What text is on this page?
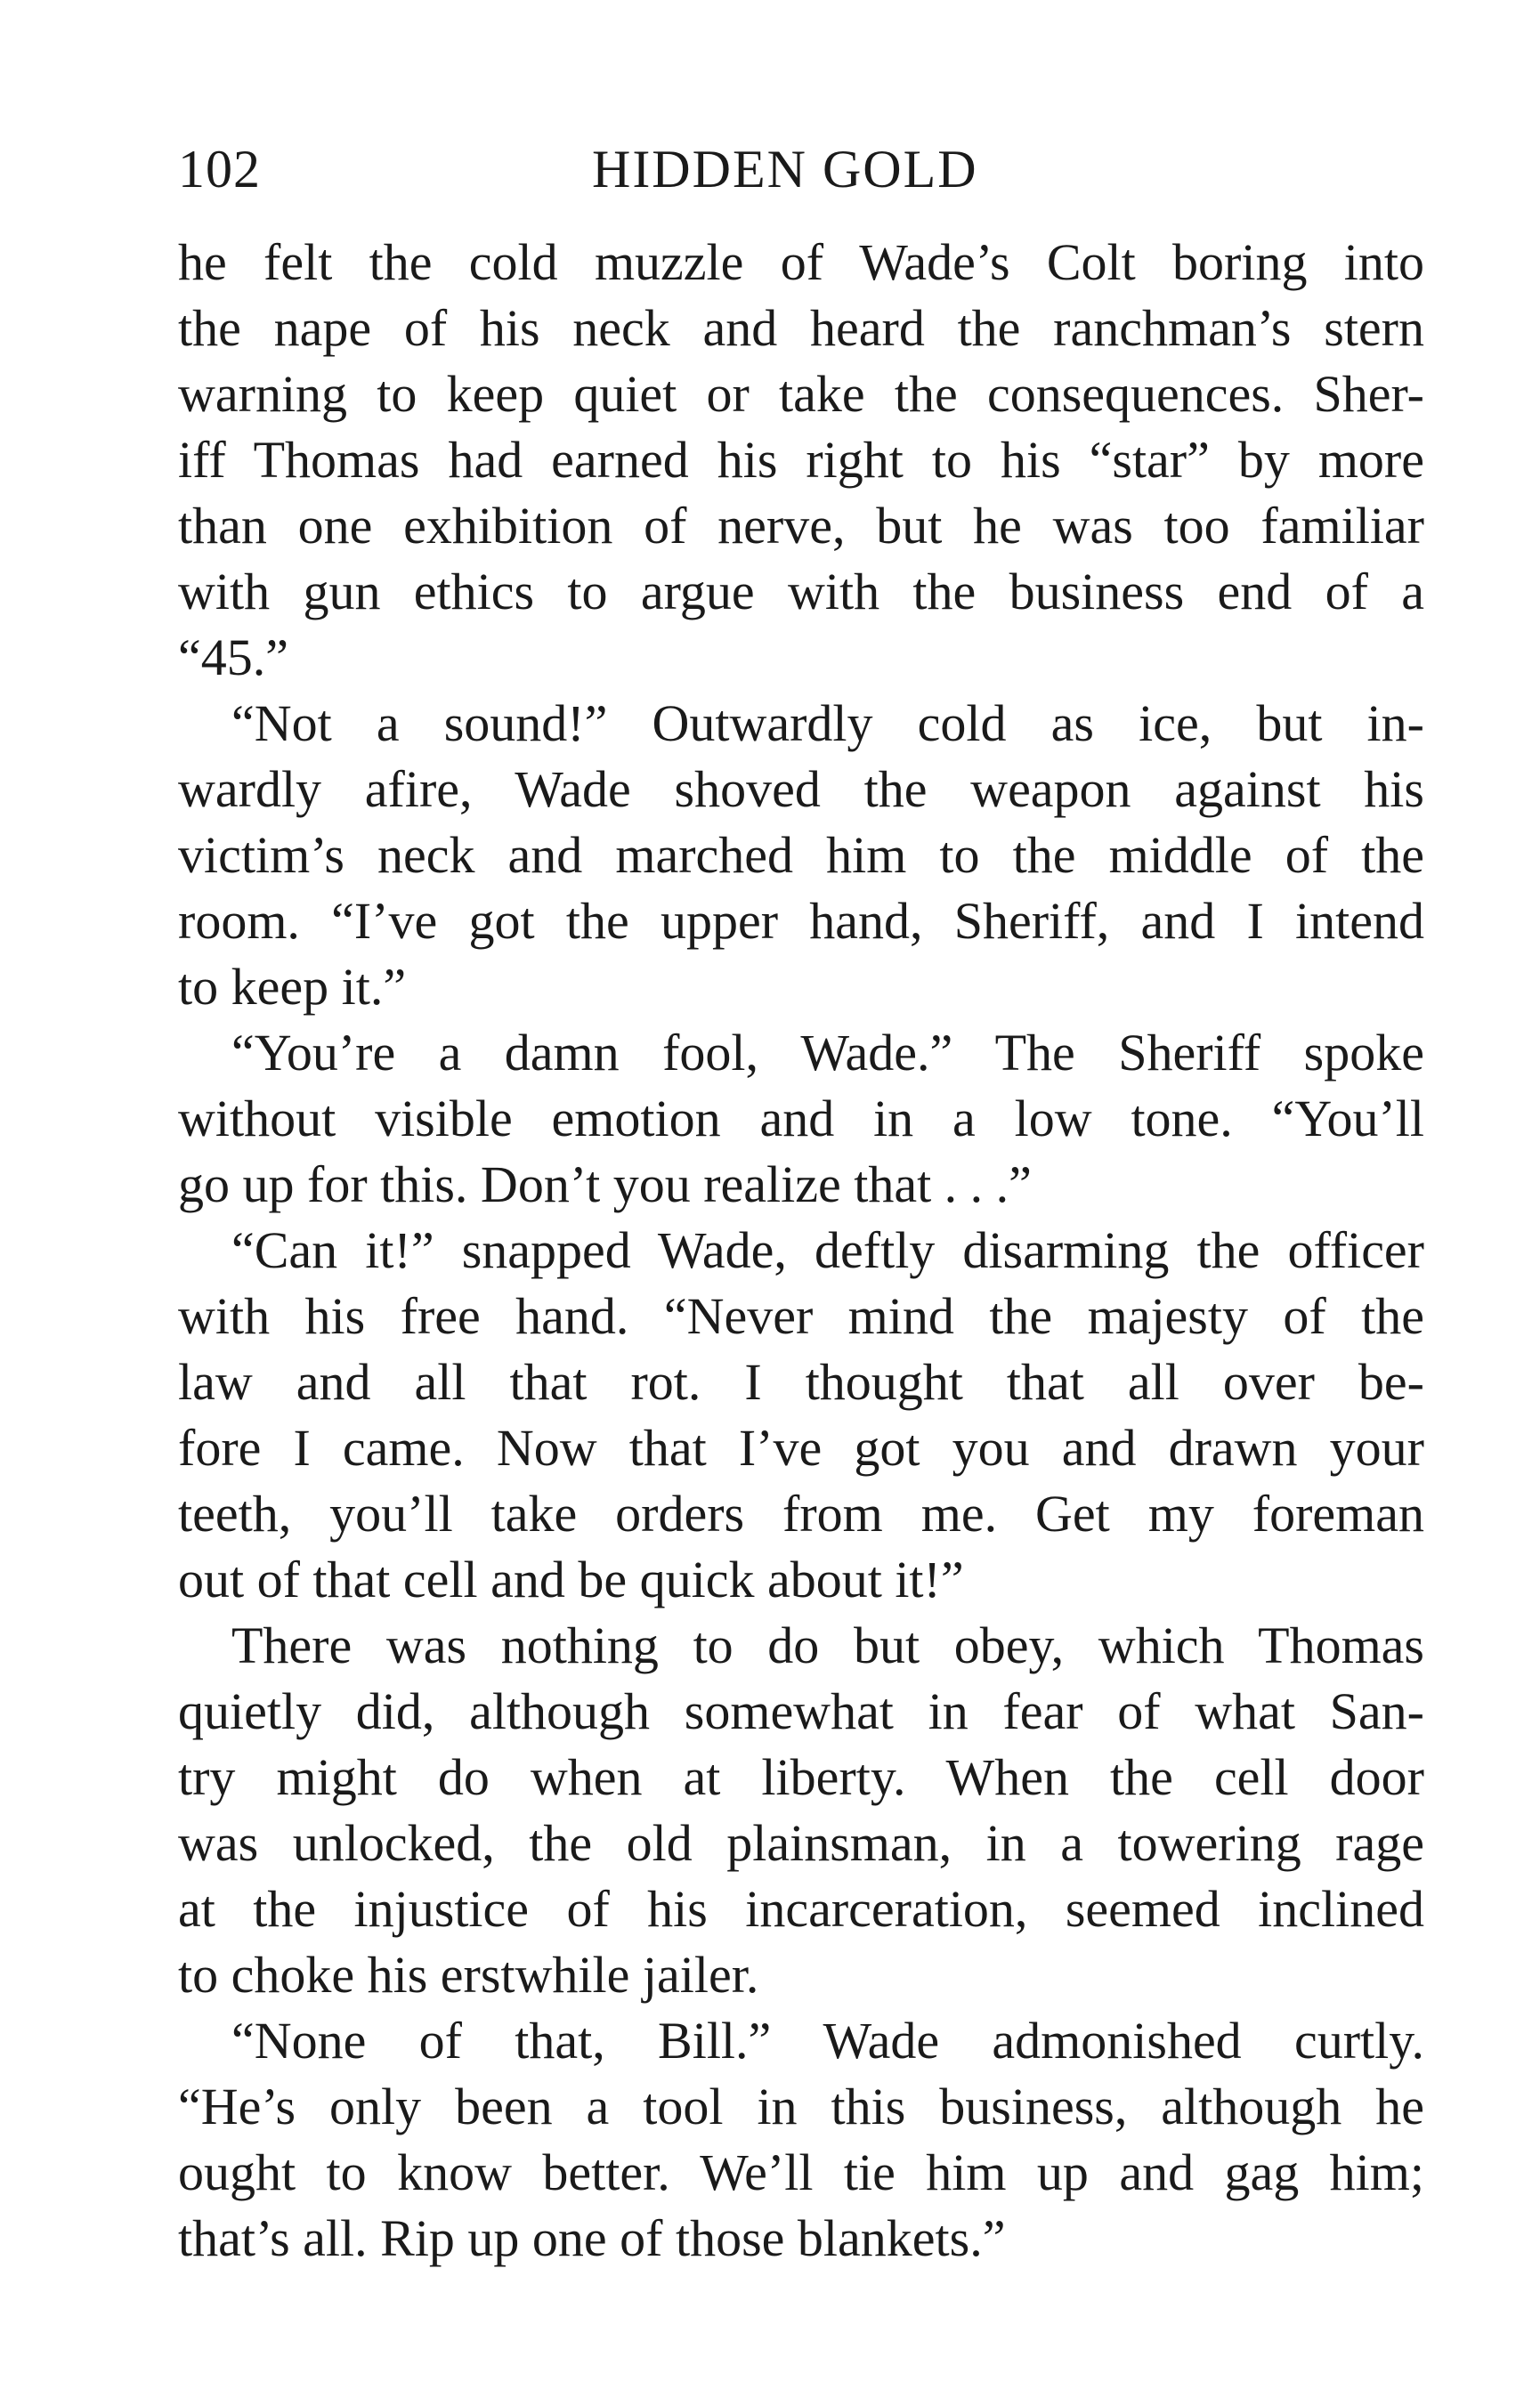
102	HIDDEN GOLD
he felt the cold muzzle of Wade’s Colt boring into
the nape of his neck and heard the ranchman’s stern
warning to keep quiet or take the consequences. Sher-
iff Thomas had earned his right to his “star” by more
than one exhibition of nerve, but he was too familiar
with gun ethics to argue with the business end of a
“45.”
“Not a sound!” Outwardly cold as ice, but in-
wardly afire, Wade shoved the weapon against his
victim’s neck and marched him to the middle of the
room. “I’ve got the upper hand, Sheriff, and I intend
to keep it.”
“You’re a damn fool, Wade.” The Sheriff spoke
without visible emotion and in a low tone. “You’ll
go up for this. Don’t you realize that . . .”
“Can it!” snapped Wade, deftly disarming the officer
with his free hand. “Never mind the majesty of the
law and all that rot. I thought that all over be-
fore I came. Now that I’ve got you and drawn your
teeth, you’ll take orders from me. Get my foreman
out of that cell and be quick about it!”
There was nothing to do but obey, which Thomas
quietly did, although somewhat in fear of what San-
try might do when at liberty. When the cell door
was unlocked, the old plainsman, in a towering rage
at the injustice of his incarceration, seemed inclined
to choke his erstwhile jailer.
“None of that, Bill.” Wade admonished curtly.
“He’s only been a tool in this business, although he
ought to know better. We’ll tie him up and gag him;
that’s all. Rip up one of those blankets.”
